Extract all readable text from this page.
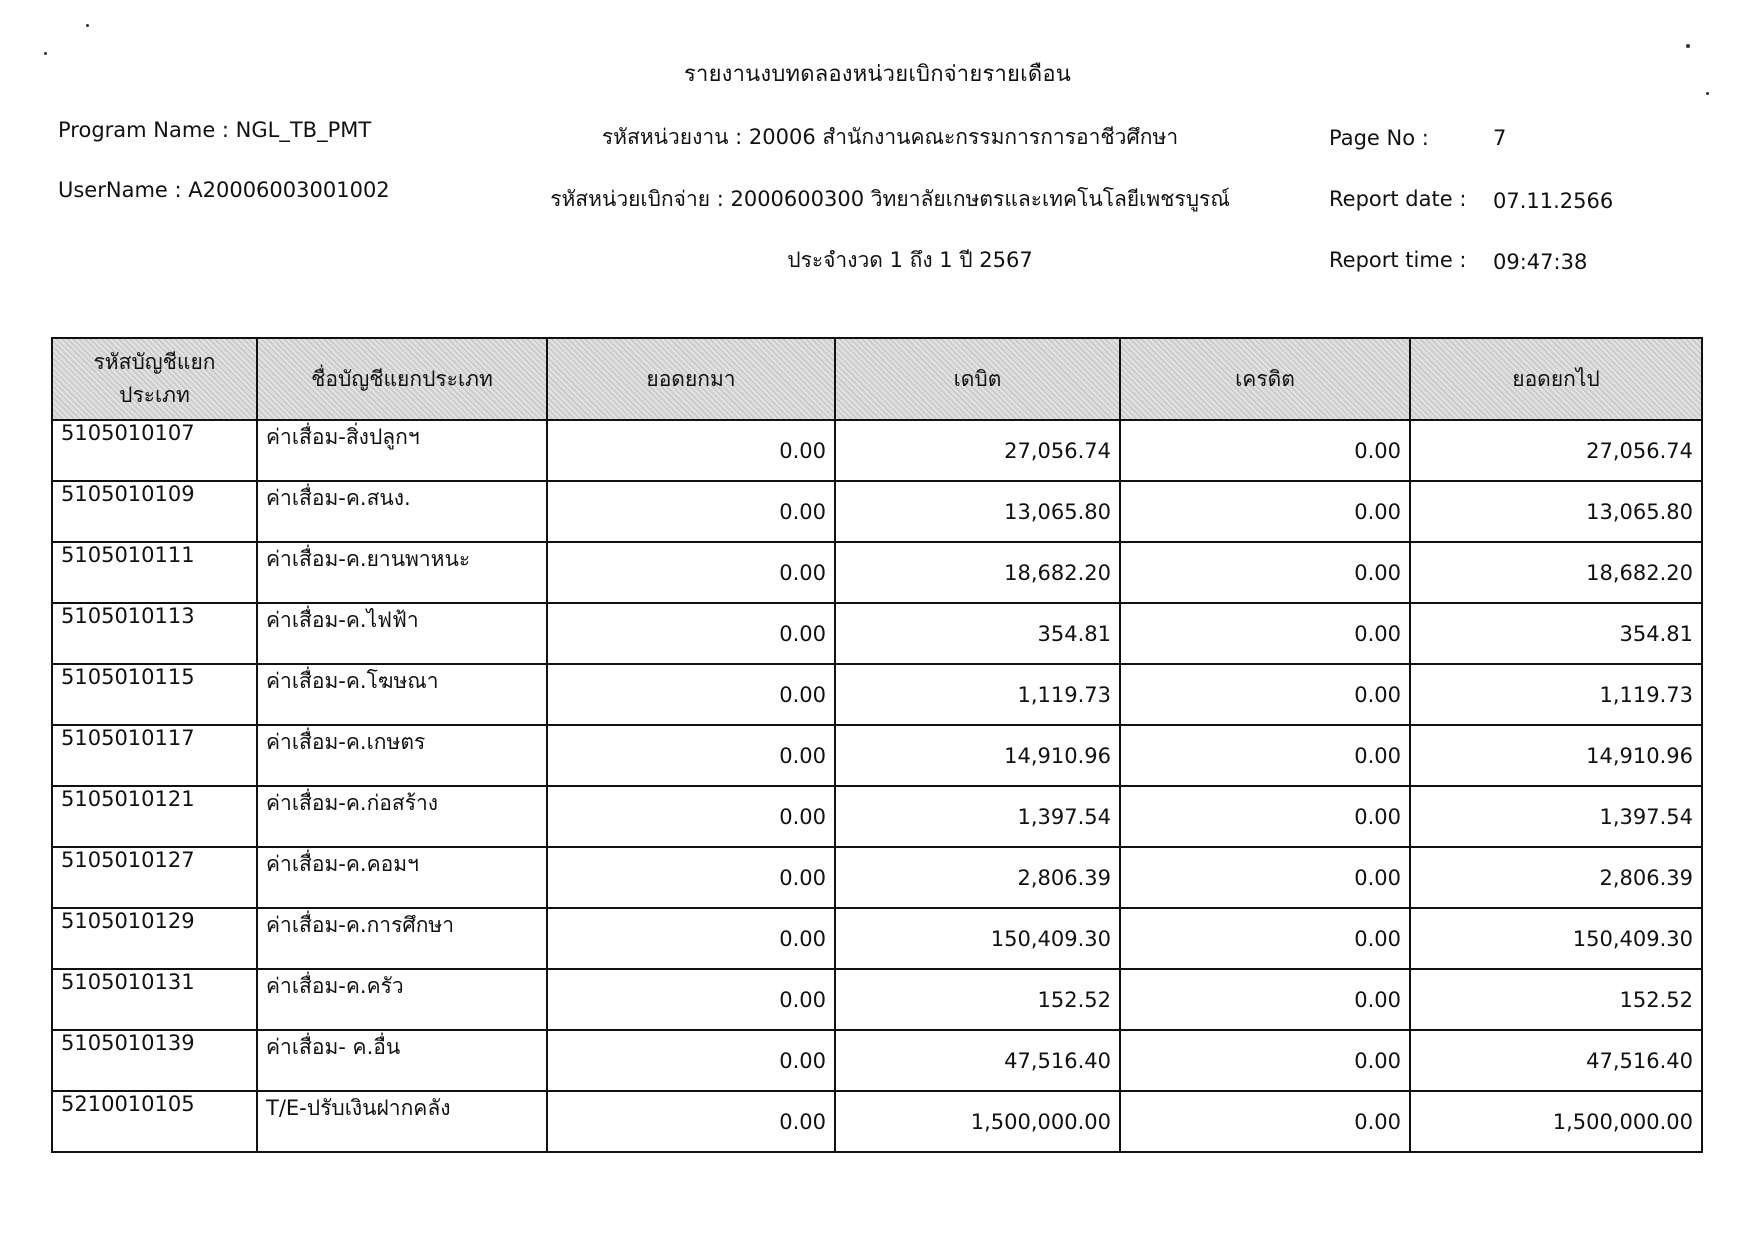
รายงานงบทดลองหน่วยเบิกจ่ายรายเดือน
Program Name : NGL_TB_PMT
UserName : A20006003001002
รหัสหน่วยงาน : 20006 สำนักงานคณะกรรมการการอาชีวศึกษา
รหัสหน่วยเบิกจ่าย : 2000600300 วิทยาลัยเกษตรและเทคโนโลยีเพชรบูรณ์
ประจำงวด 1 ถึง 1 ปี 2567
Page No :	7
Report date : 07.11.2566
Report time : 09:47:38
รหัสบัญชีแยกประเภท	ชื่อบัญชีแยกประเภท	ยอดยกมา	เดบิต	เครดิต	ยอดยกไป
5105010107	ค่าเสื่อม-สิ่งปลูกฯ	0.00	27,056.74	0.00	27,056.74
5105010109	ค่าเสื่อม-ค.สนง.	0.00	13,065.80	0.00	13,065.80
5105010111	ค่าเสื่อม-ค.ยานพาหนะ	0.00	18,682.20	0.00	18,682.20
5105010113	ค่าเสื่อม-ค.ไฟฟ้า	0.00	354.81	0.00	354.81
5105010115	ค่าเสื่อม-ค.โฆษณา	0.00	1,119.73	0.00	1,119.73
5105010117	ค่าเสื่อม-ค.เกษตร	0.00	14,910.96	0.00	14,910.96
5105010121	ค่าเสื่อม-ค.ก่อสร้าง	0.00	1,397.54	0.00	1,397.54
5105010127	ค่าเสื่อม-ค.คอมฯ	0.00	2,806.39	0.00	2,806.39
5105010129	ค่าเสื่อม-ค.การศึกษา	0.00	150,409.30	0.00	150,409.30
5105010131	ค่าเสื่อม-ค.ครัว	0.00	152.52	0.00	152.52
5105010139	ค่าเสื่อม- ค.อื่น	0.00	47,516.40	0.00	47,516.40
5210010105	T/E-ปรับเงินฝากคลัง	0.00	1,500,000.00	0.00	1,500,000.00
